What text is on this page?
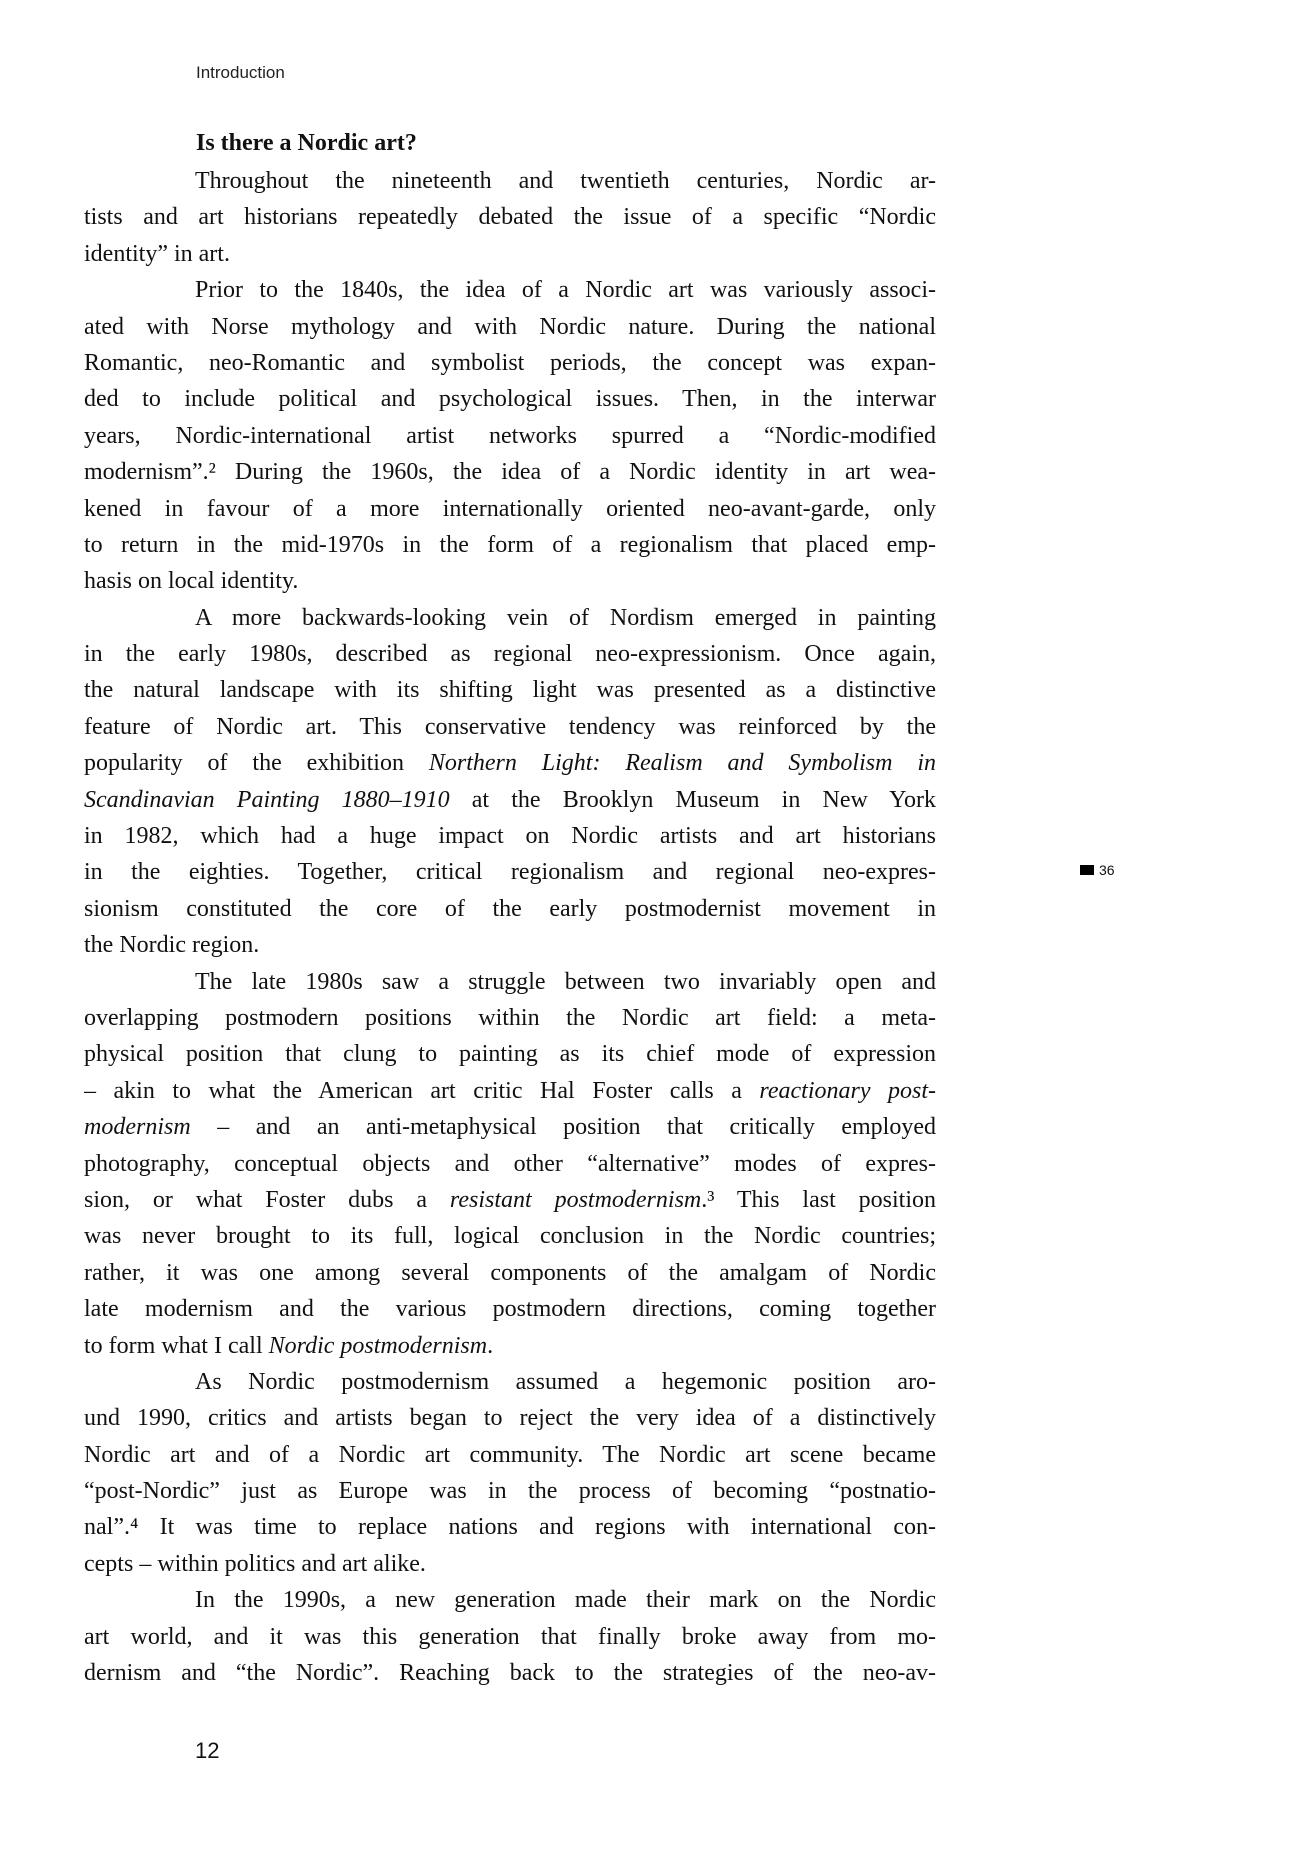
Introduction
Is there a Nordic art?
Throughout the nineteenth and twentieth centuries, Nordic ar-
tists and art historians repeatedly debated the issue of a specific “Nordic
identity” in art.
Prior to the 1840s, the idea of a Nordic art was variously associ-
ated with Norse mythology and with Nordic nature. During the national
Romantic, neo-Romantic and symbolist periods, the concept was expan-
ded to include political and psychological issues. Then, in the interwar
years, Nordic-international artist networks spurred a “Nordic-modified
modernism”.² During the 1960s, the idea of a Nordic identity in art wea-
kened in favour of a more internationally oriented neo-avant-garde, only
to return in the mid-1970s in the form of a regionalism that placed emp-
hasis on local identity.
A more backwards-looking vein of Nordism emerged in painting
in the early 1980s, described as regional neo-expressionism. Once again,
the natural landscape with its shifting light was presented as a distinctive
feature of Nordic art. This conservative tendency was reinforced by the
popularity of the exhibition Northern Light: Realism and Symbolism in
Scandinavian Painting 1880–1910 at the Brooklyn Museum in New York
in 1982, which had a huge impact on Nordic artists and art historians
in the eighties. Together, critical regionalism and regional neo-expres-
sionism constituted the core of the early postmodernist movement in
the Nordic region.
The late 1980s saw a struggle between two invariably open and
overlapping postmodern positions within the Nordic art field: a meta-
physical position that clung to painting as its chief mode of expression
– akin to what the American art critic Hal Foster calls a reactionary post-
modernism – and an anti-metaphysical position that critically employed
photography, conceptual objects and other “alternative” modes of expres-
sion, or what Foster dubs a resistant postmodernism.³ This last position
was never brought to its full, logical conclusion in the Nordic countries;
rather, it was one among several components of the amalgam of Nordic
late modernism and the various postmodern directions, coming together
to form what I call Nordic postmodernism.
As Nordic postmodernism assumed a hegemonic position aro-
und 1990, critics and artists began to reject the very idea of a distinctively
Nordic art and of a Nordic art community. The Nordic art scene became
“post-Nordic” just as Europe was in the process of becoming “postnatio-
nal”.⁴ It was time to replace nations and regions with international con-
cepts – within politics and art alike.
In the 1990s, a new generation made their mark on the Nordic
art world, and it was this generation that finally broke away from mo-
dernism and “the Nordic”. Reaching back to the strategies of the neo-av-
36
12
